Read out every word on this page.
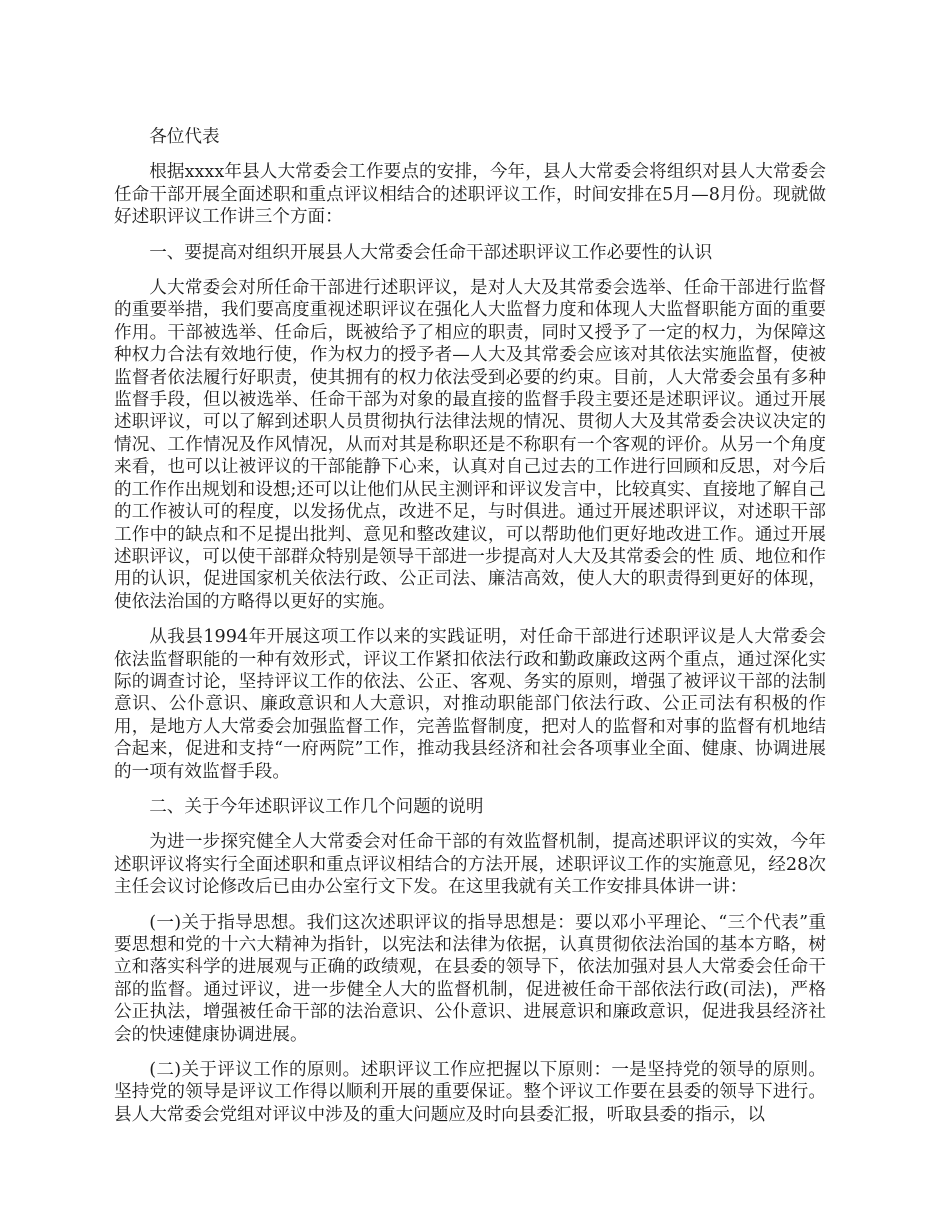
各位代表

根据xxxx年县人大常委会工作要点的安排，今年，县人大常委会将组织对县人大常委会任命干部开展全面述职和重点评议相结合的述职评议工作，时间安排在5月—8月份。现就做好述职评议工作讲三个方面：

一、要提高对组织开展县人大常委会任命干部述职评议工作必要性的认识

人大常委会对所任命干部进行述职评议，是对人大及其常委会选举、任命干部进行监督的重要举措，我们要高度重视述职评议在强化人大监督力度和体现人大监督职能方面的重要作用。干部被选举、任命后，既被给予了相应的职责，同时又授予了一定的权力，为保障这种权力合法有效地行使，作为权力的授予者—人大及其常委会应该对其依法实施监督，使被监督者依法履行好职责，使其拥有的权力依法受到必要的约束。目前，人大常委会虽有多种监督手段，但以被选举、任命干部为对象的最直接的监督手段主要还是述职评议。通过开展述职评议，可以了解到述职人员贯彻执行法律法规的情况、贯彻人大及其常委会决议决定的情况、工作情况及作风情况，从而对其是称职还是不称职有一个客观的评价。从另一个角度来看，也可以让被评议的干部能静下心来，认真对自己过去的工作进行回顾和反思，对今后的工作作出规划和设想;还可以让他们从民主测评和评议发言中，比较真实、直接地了解自己的工作被认可的程度，以发扬优点，改进不足，与时俱进。通过开展述职评议，对述职干部工作中的缺点和不足提出批判、意见和整改建议，可以帮助他们更好地改进工作。通过开展述职评议，可以使干部群众特别是领导干部进一步提高对人大及其常委会的性 质、地位和作用的认识，促进国家机关依法行政、公正司法、廉洁高效，使人大的职责得到更好的体现，使依法治国的方略得以更好的实施。

从我县1994年开展这项工作以来的实践证明，对任命干部进行述职评议是人大常委会依法监督职能的一种有效形式，评议工作紧扣依法行政和勤政廉政这两个重点，通过深化实际的调查讨论，坚持评议工作的依法、公正、客观、务实的原则，增强了被评议干部的法制意识、公仆意识、廉政意识和人大意识，对推动职能部门依法行政、公正司法有积极的作用，是地方人大常委会加强监督工作，完善监督制度，把对人的监督和对事的监督有机地结合起来，促进和支持“一府两院”工作，推动我县经济和社会各项事业全面、健康、协调进展的一项有效监督手段。

二、关于今年述职评议工作几个问题的说明

为进一步探究健全人大常委会对任命干部的有效监督机制，提高述职评议的实效，今年述职评议将实行全面述职和重点评议相结合的方法开展，述职评议工作的实施意见，经28次主任会议讨论修改后已由办公室行文下发。在这里我就有关工作安排具体讲一讲：

(一)关于指导思想。我们这次述职评议的指导思想是：要以邓小平理论、“三个代表”重要思想和党的十六大精神为指针，以宪法和法律为依据，认真贯彻依法治国的基本方略，树立和落实科学的进展观与正确的政绩观，在县委的领导下，依法加强对县人大常委会任命干部的监督。通过评议，进一步健全人大的监督机制，促进被任命干部依法行政(司法)，严格公正执法，增强被任命干部的法治意识、公仆意识、进展意识和廉政意识，促进我县经济社会的快速健康协调进展。

(二)关于评议工作的原则。述职评议工作应把握以下原则：一是坚持党的领导的原则。坚持党的领导是评议工作得以顺利开展的重要保证。整个评议工作要在县委的领导下进行。县人大常委会党组对评议中涉及的重大问题应及时向县委汇报，听取县委的指示，以
